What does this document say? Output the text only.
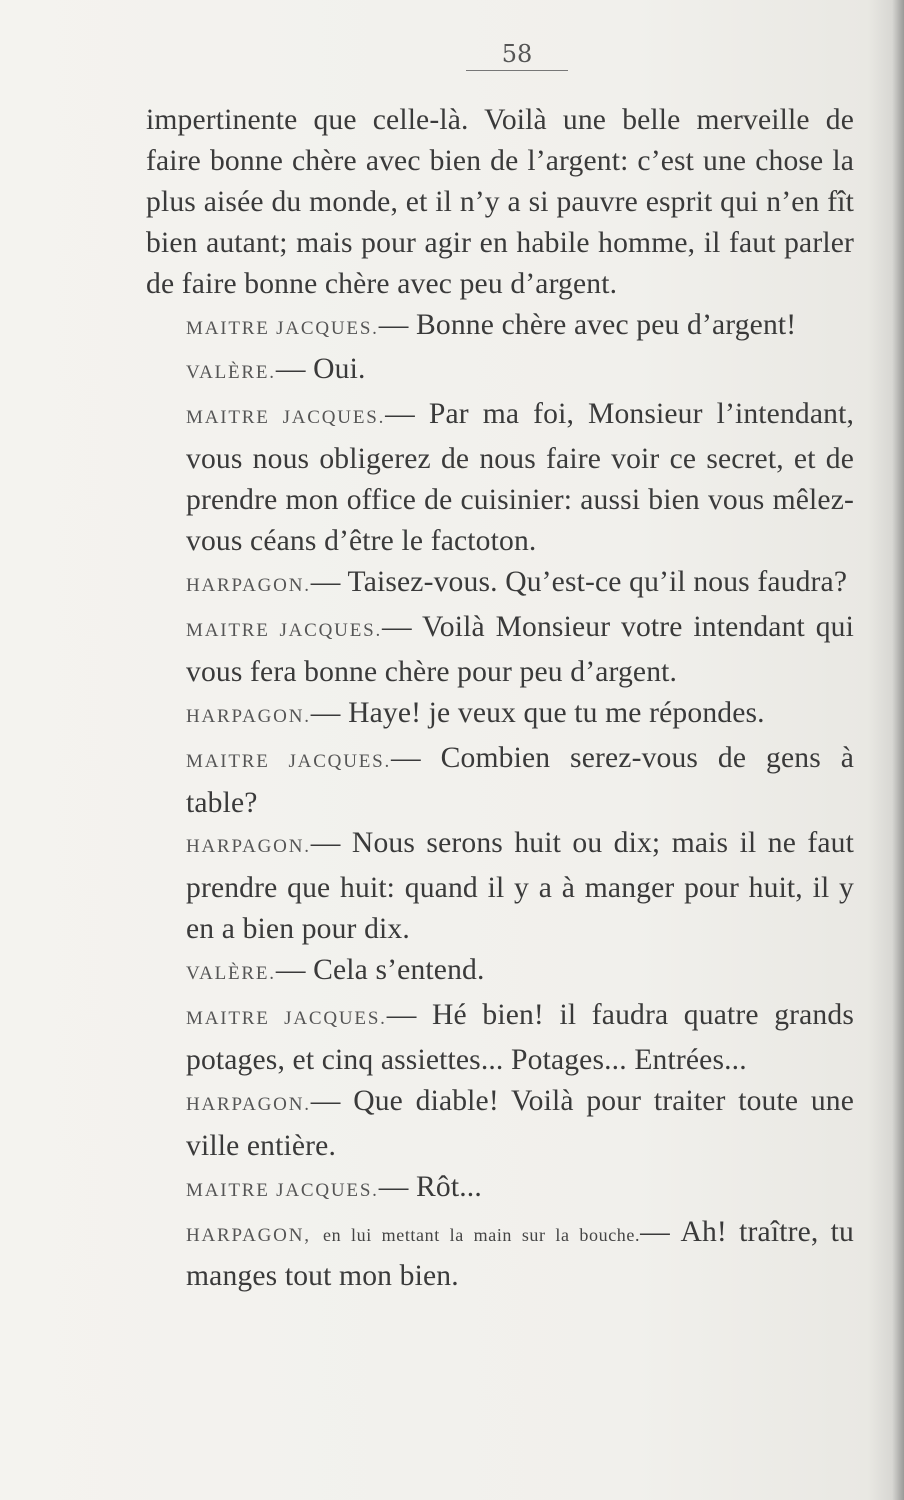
58

impertinente que celle-là. Voilà une belle merveille de faire bonne chère avec bien de l’argent: c’est une chose la plus aisée du monde, et il n’y a si pauvre esprit qui n’en fît bien autant; mais pour agir en habile homme, il faut parler de faire bonne chère avec peu d’argent.

MAITRE JACQUES.— Bonne chère avec peu d’argent!

VALÈRE.— Oui.

MAITRE JACQUES.— Par ma foi, Monsieur l’intendant, vous nous obligerez de nous faire voir ce secret, et de prendre mon office de cuisinier: aussi bien vous mêlez-vous céans d’être le factoton.

HARPAGON.— Taisez-vous. Qu’est-ce qu’il nous faudra?

MAITRE JACQUES.— Voilà Monsieur votre intendant qui vous fera bonne chère pour peu d’argent.

HARPAGON.— Haye! je veux que tu me répondes.

MAITRE JACQUES.— Combien serez-vous de gens à table?

HARPAGON.— Nous serons huit ou dix; mais il ne faut prendre que huit: quand il y a à manger pour huit, il y en a bien pour dix.

VALÈRE.— Cela s’entend.

MAITRE JACQUES.— Hé bien! il faudra quatre grands potages, et cinq assiettes... Potages... Entrées...

HARPAGON.— Que diable! Voilà pour traiter toute une ville entière.

MAITRE JACQUES.— Rôt...

HARPAGON, en lui mettant la main sur la bouche.— Ah! traître, tu manges tout mon bien.
